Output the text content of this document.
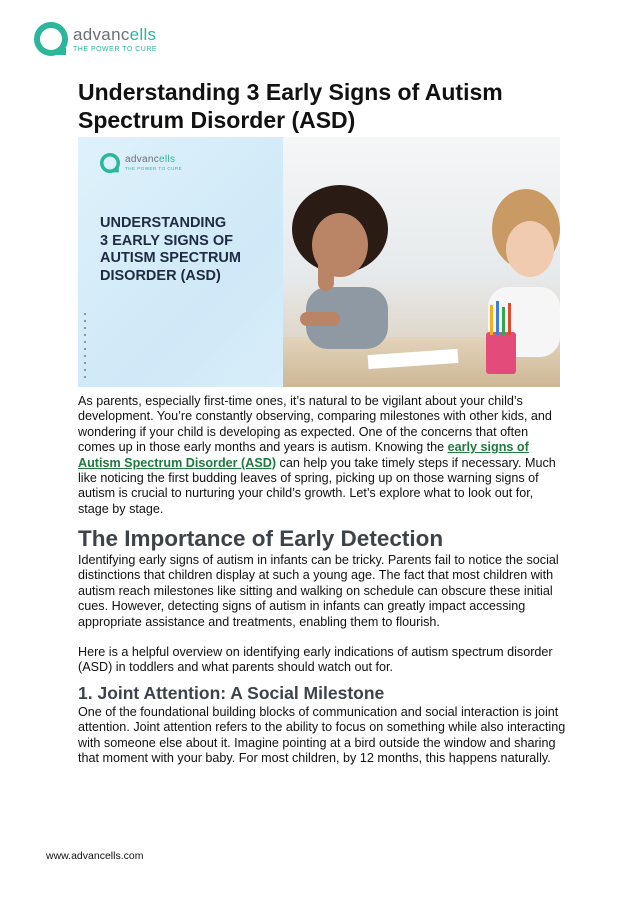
advancells
THE POWER TO CURE
Understanding 3 Early Signs of Autism Spectrum Disorder (ASD)
advancells
THE POWER TO CURE
UNDERSTANDING
3 EARLY SIGNS OF
AUTISM SPECTRUM
DISORDER (ASD)

As parents, especially first-time ones, it’s natural to be vigilant about your child’s development. You’re constantly observing, comparing milestones with other kids, and wondering if your child is developing as expected. One of the concerns that often comes up in those early months and years is autism. Knowing the early signs of Autism Spectrum Disorder (ASD) can help you take timely steps if necessary. Much like noticing the first budding leaves of spring, picking up on those warning signs of autism is crucial to nurturing your child’s growth. Let’s explore what to look out for, stage by stage.

The Importance of Early Detection

Identifying early signs of autism in infants can be tricky. Parents fail to notice the social distinctions that children display at such a young age. The fact that most children with autism reach milestones like sitting and walking on schedule can obscure these initial cues. However, detecting signs of autism in infants can greatly impact accessing appropriate assistance and treatments, enabling them to flourish.

Here is a helpful overview on identifying early indications of autism spectrum disorder (ASD) in toddlers and what parents should watch out for.

1. Joint Attention: A Social Milestone

One of the foundational building blocks of communication and social interaction is joint attention. Joint attention refers to the ability to focus on something while also interacting with someone else about it. Imagine pointing at a bird outside the window and sharing that moment with your baby. For most children, by 12 months, this happens naturally.

www.advancells.com
